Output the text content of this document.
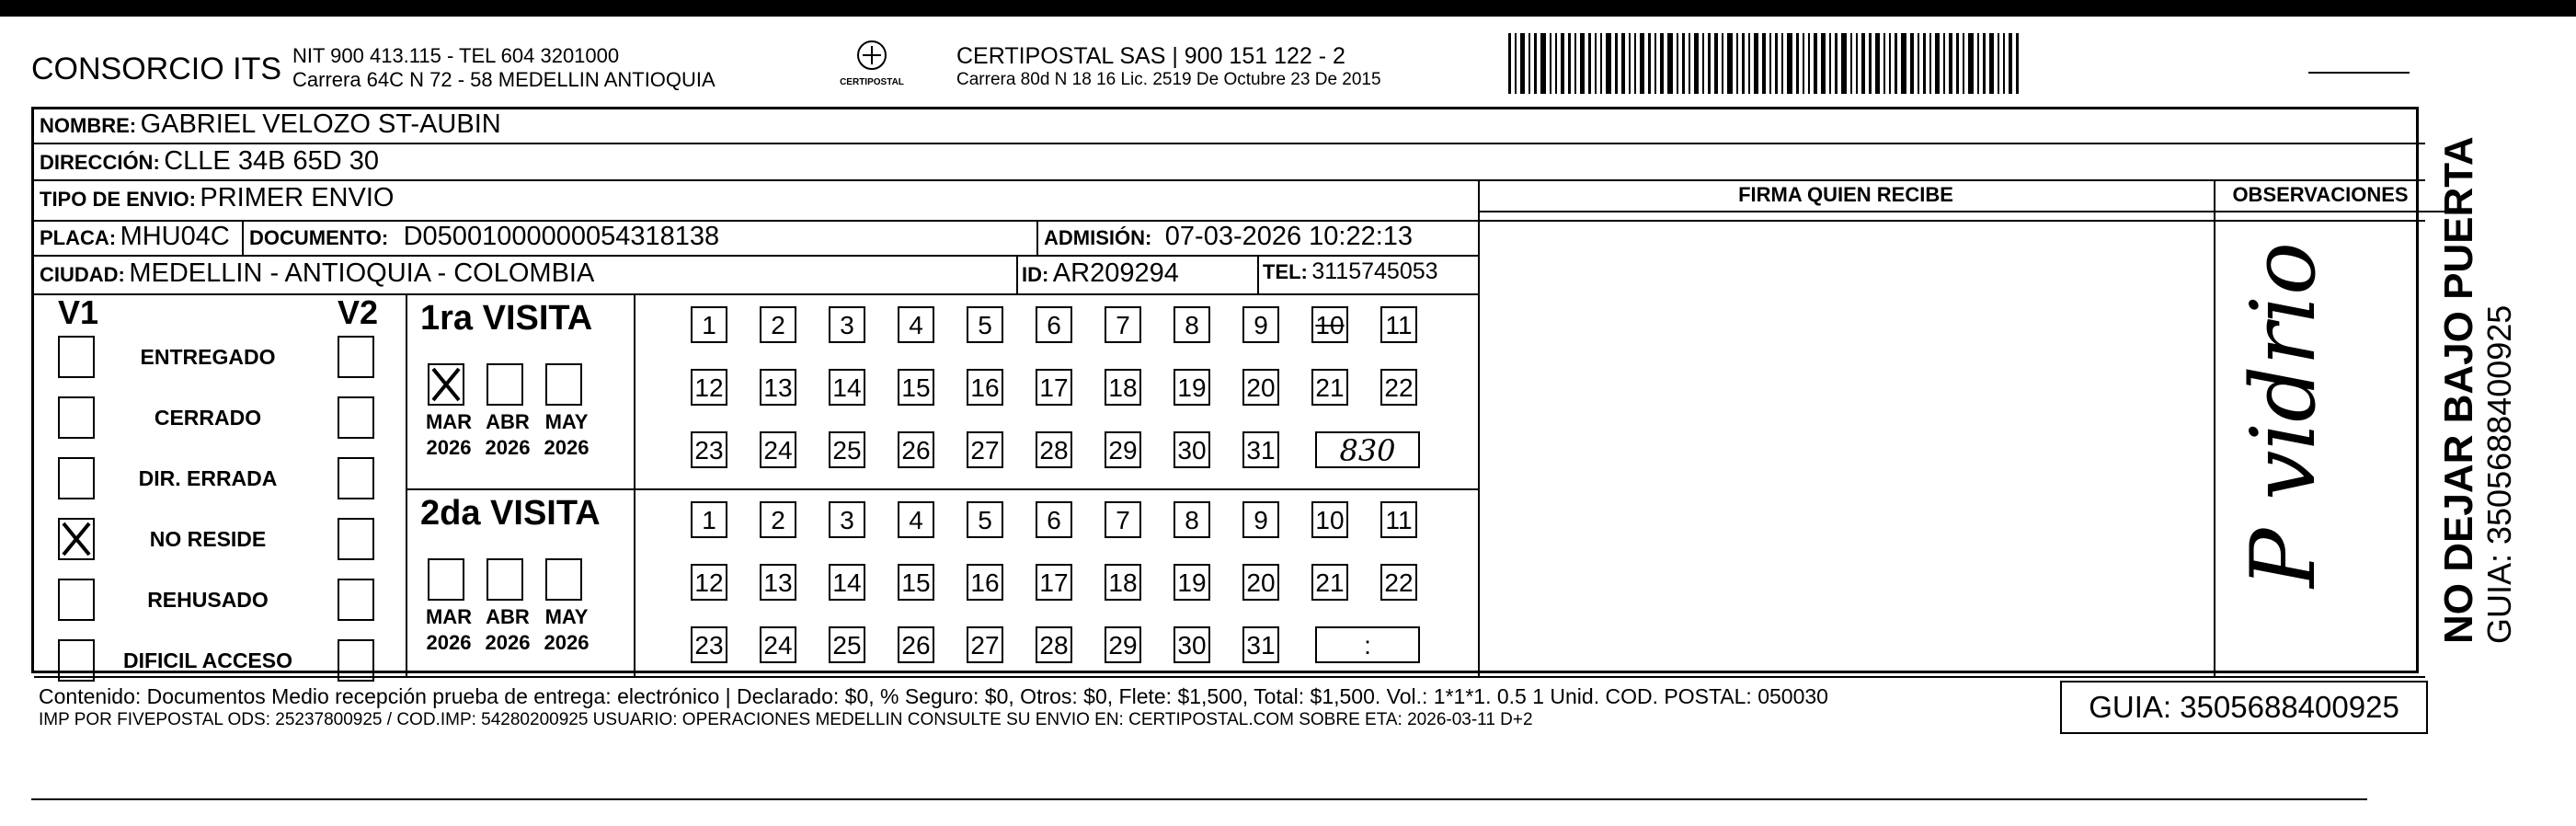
CONSORCIO ITS NIT 900 413.115 - TEL 604 3201000
Carrera 64C N 72 - 58 MEDELLIN ANTIOQUIA	CERTIPOSTAL
CERTIPOSTAL SAS | 900 151 122 - 2
Carrera 80d N 18 16 Lic. 2519 De Octubre 23 De 2015
NOMBRE: GABRIEL VELOZO ST-AUBIN
DIRECCIÓN: CLLE 34B 65D 30
TIPO DE ENVIO: PRIMER ENVIO
PLACA: MHU04C DOCUMENTO: D05001000000054318138	ADMISIÓN: 07-03-2026 10:22:13
CIUDAD: MEDELLIN - ANTIOQUIA - COLOMBIA	ID: AR209294	TEL: 3115745053
FIRMA QUIEN RECIBE	OBSERVACIONES
P vidrio
V1	V2
ENTREGADO
CERRADO
DIR. ERRADA
NO RESIDE
REHUSADO
DIFICIL ACCESO
1ra VISITA
MAR
2026
ABR
2026
MAY
2026
1	2	3	4	5	6	7	8	9	10 11
12 13 14 15 16 17 18 19 20 21 22
23 24 25 26 27 28 29 30 31	830
2da VISITA
MAR
2026
ABR
2026
MAY
2026
1	2	3	4	5	6	7	8	9	10 11
12 13 14 15 16 17 18 19 20 21 22
23 24 25 26 27 28 29 30 31	:
Contenido: Documentos Medio recepción prueba de entrega: electrónico | Declarado: $0, % Seguro: $0, Otros: $0, Flete: $1,500, Total: $1,500. Vol.: 1*1*1. 0.5 1 Unid. COD. POSTAL: 050030
IMP POR FIVEPOSTAL ODS: 25237800925 / COD.IMP: 54280200925 USUARIO: OPERACIONES MEDELLIN CONSULTE SU ENVIO EN: CERTIPOSTAL.COM SOBRE ETA: 2026-03-11 D+2	GUIA: 3505688400925
NO DEJAR BAJO PUERTA GUIA: 3505688400925
